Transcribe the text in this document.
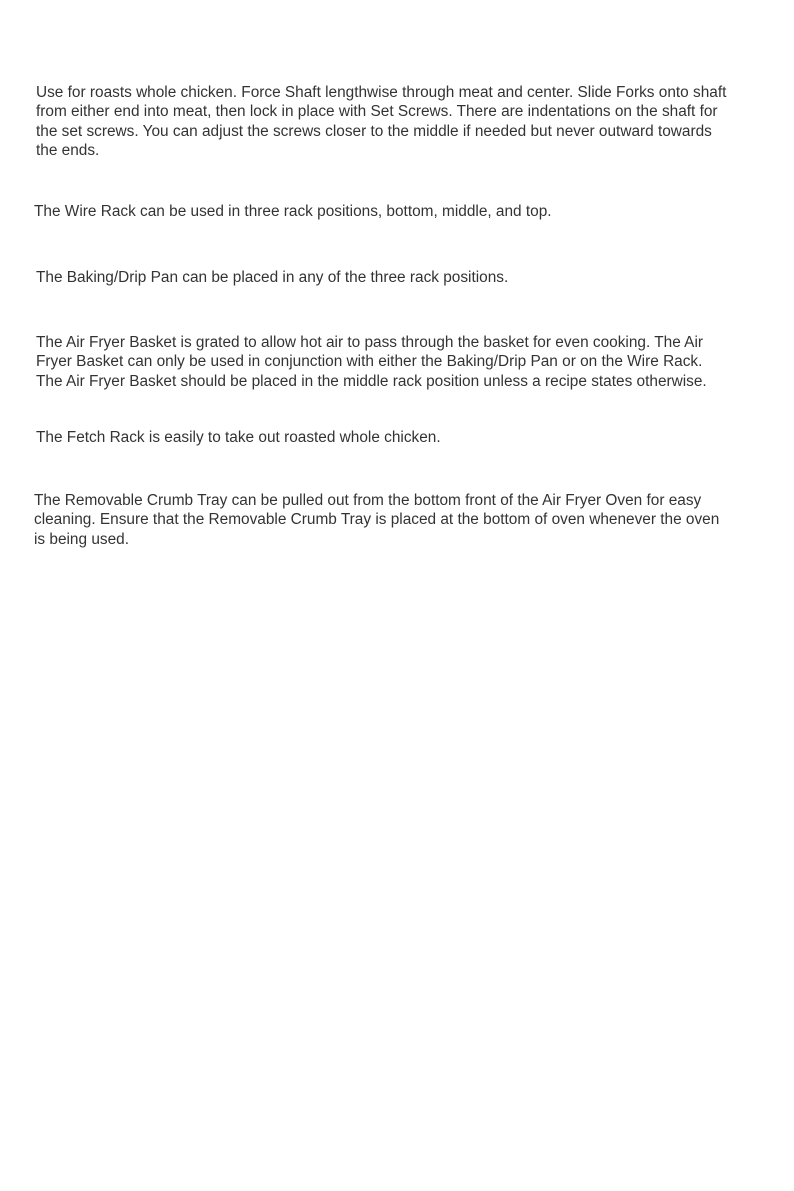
Use for roasts whole chicken. Force Shaft lengthwise through meat and center. Slide Forks onto shaft
from either end into meat, then lock in place with Set Screws. There are indentations on the shaft for
the set screws. You can adjust the screws closer to the middle if needed but never outward towards
the ends.

The Wire Rack can be used in three rack positions, bottom, middle, and top.

The Baking/Drip Pan can be placed in any of the three rack positions.

The Air Fryer Basket is grated to allow hot air to pass through the basket for even cooking. The Air
Fryer Basket can only be used in conjunction with either the Baking/Drip Pan or on the Wire Rack.
The Air Fryer Basket should be placed in the middle rack position unless a recipe states otherwise.

The Fetch Rack is easily to take out roasted whole chicken.

The Removable Crumb Tray can be pulled out from the bottom front of the Air Fryer Oven for easy
cleaning. Ensure that the Removable Crumb Tray is placed at the bottom of oven whenever the oven
is being used.
